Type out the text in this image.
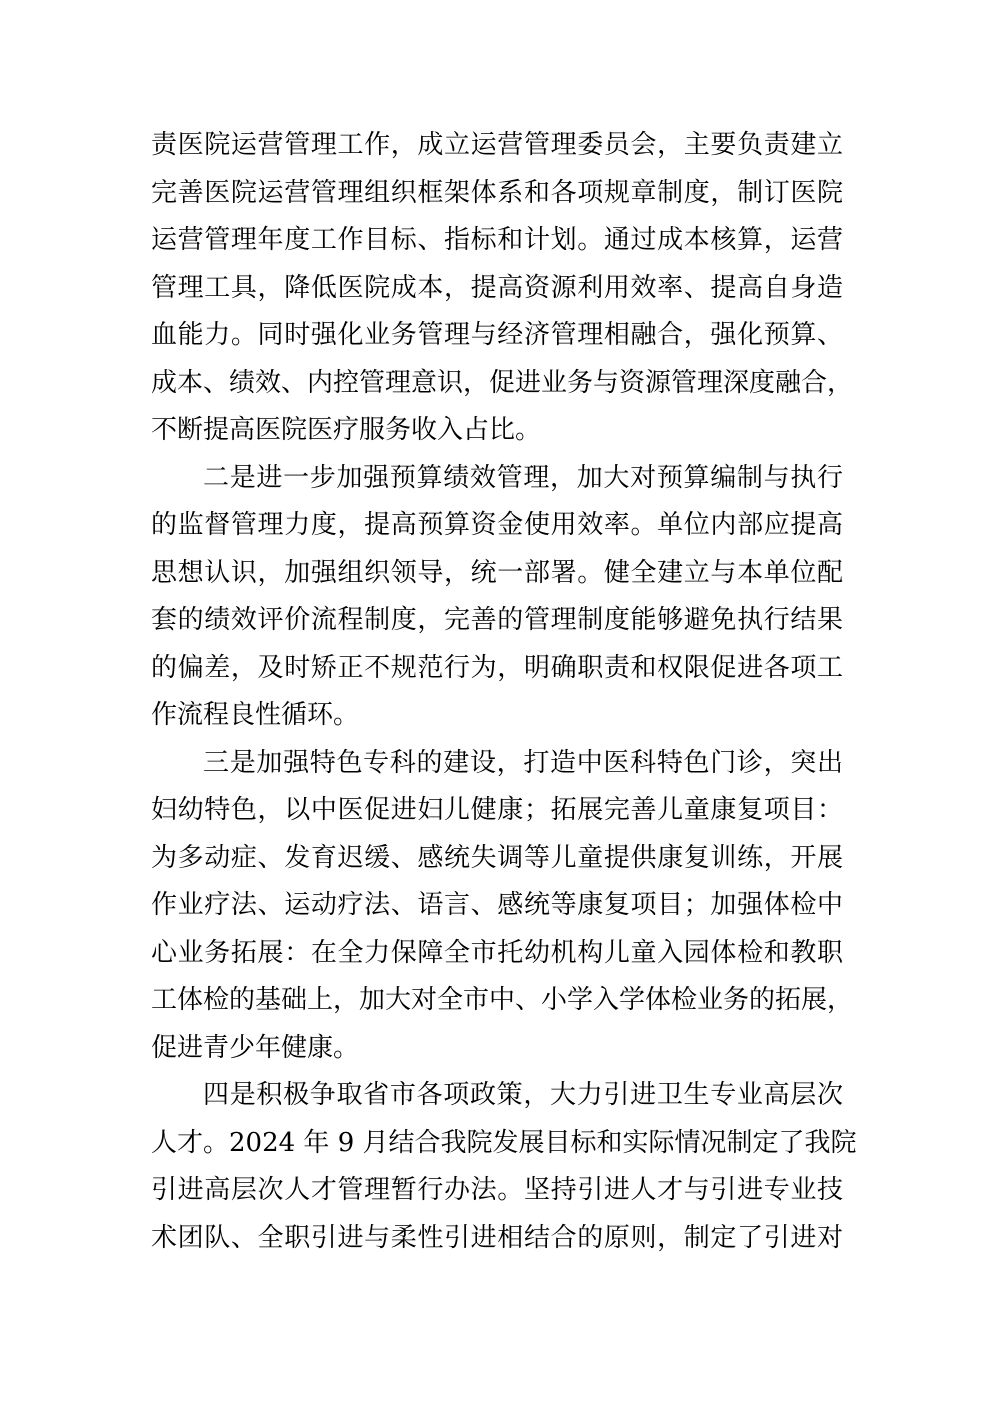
责医院运营管理工作，成立运营管理委员会，主要负责建立

完善医院运营管理组织框架体系和各项规章制度，制订医院

运营管理年度工作目标、指标和计划。通过成本核算，运营

管理工具，降低医院成本，提高资源利用效率、提高自身造

血能力。同时强化业务管理与经济管理相融合，强化预算、

成本、绩效、内控管理意识，促进业务与资源管理深度融合，

不断提高医院医疗服务收入占比。

二是进一步加强预算绩效管理，加大对预算编制与执行

的监督管理力度，提高预算资金使用效率。单位内部应提高

思想认识，加强组织领导，统一部署。健全建立与本单位配

套的绩效评价流程制度，完善的管理制度能够避免执行结果

的偏差，及时矫正不规范行为，明确职责和权限促进各项工

作流程良性循环。

三是加强特色专科的建设，打造中医科特色门诊，突出

妇幼特色，以中医促进妇儿健康；拓展完善儿童康复项目：

为多动症、发育迟缓、感统失调等儿童提供康复训练，开展

作业疗法、运动疗法、语言、感统等康复项目；加强体检中

心业务拓展：在全力保障全市托幼机构儿童入园体检和教职

工体检的基础上，加大对全市中、小学入学体检业务的拓展，

促进青少年健康。

四是积极争取省市各项政策，大力引进卫生专业高层次

人才。2024 年 9 月结合我院发展目标和实际情况制定了我院

引进高层次人才管理暂行办法。坚持引进人才与引进专业技

术团队、全职引进与柔性引进相结合的原则，制定了引进对
